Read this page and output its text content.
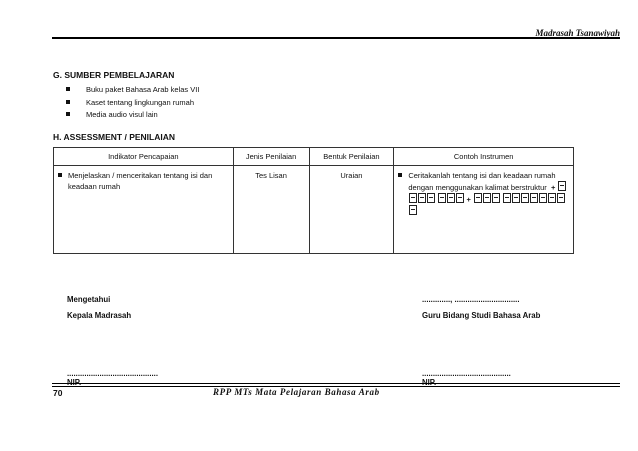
Madrasah Tsanawiyah
G. SUMBER PEMBELAJARAN
Buku paket Bahasa Arab kelas VII
Kaset tentang lingkungan rumah
Media audio visul lain
H. ASSESSMENT / PENILAIAN
Indikator Pencapaian	Jenis Penilaian	Bentuk Penilaian	Contoh Instrumen

Menjelaskan / menceritakan tentang isi dan keadaan rumah	Tes Lisan	Uraian	Ceritakanlah tentang isi dan keadaan rumah dengan menggunakan kalimat berstruktur +   +
Mengetahui
Kepala Madrasah
............., ..............................
Guru Bidang Studi Bahasa Arab
..........................................
NIP.
.........................................
NIP.
70	RPP MTs Mata Pelajaran Bahasa Arab
